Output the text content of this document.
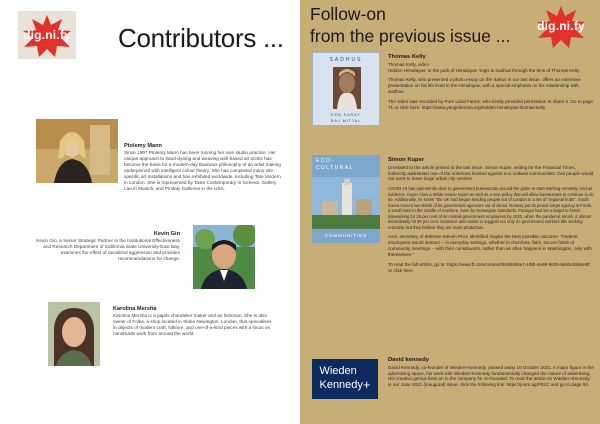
dig.ni.fy Contributors ...
Ptolemy Mann
Since 1997 Ptolemy Mann has been running her own studio practice. Her unique approach to hand-dyeing and weaving well-based art works has become the basis for a modern-day Bauhaus philosophy of an artist making underpinned with intelligent colour theory. She has completed many site specific art installations and has exhibited worldwide, including Tate Modern in London. She is represented by Taste Contemporary in Geneva, Gallery Lao in Munich, and Pindaly Galleries in the USA.
Kevin Gin
Kevin Gin, a Senior Strategic Partner in the Institutional Effectiveness and Research Department of California State University-East Bay, examines the effect of racialized aggression and provides recommendations for change.
Karolina Mersha
Karolina Mersha is a pajahi chandelier maker and an historian. She is also owner of Folka, a shop located in Stoke Newington, London, that specialises in objects of modern craft, folklore, and one-of-a-kind pieces with a focus on handmade work from around the world.
Follow-on
from the previous issue ... dig.ni.fy
SADHUS
KEN SARAY
RAJ MITTAL
ECO-
CULTURAL
COMMUNITIES
Wieden
Kennedy+
Thomas Kelly

Thomas Kelly, video

Hidden Himalayas: in the path of Himalayan Yogis & Sadhus through the lens of Thomas Kelly

Thomas Kelly, who presented a photo essay on the Sahus in our last issue, offers an extensive presentation on his life lived in the Himalayas, with a special emphasis on his relationship with Sadhus.

The video was recorded by Pure Land Farms, who kindly provided permission to share it. Go to page 71 or click here: https://www.yangchenma.org/hidden-himalayas-thomas-kelly

Simon Kuper

Unrelated to the article printed in the last issue, Simon Kuper, writing for the Financial Times, indirectly addressed one of the criticisms leveled against eco-cultural communities: that people would not want to leave large urban city centers.

COVID-19 has opened the door to government bureaucrats around the globe to start working remotely. And as evidence, Kuper cites a White House report as well as a new policy that will allow bureaucrats to continue to do so. Additionally, he notes "the UK had begun sending people out of London to a set of "regional hubs". South Korea moved two-thirds of its government agencies out of Seoul. Norway put its peace-corps agency in Forde, a small town in the middle of nowhere, even by Norwegian standards. Portugal had set a target to foster teleworking for 25 per cent of its central-government employees by 2023, when the pandemic struck, it almost immediately hit 90 per cent. Evidence also exists to suggest not only do government workers like working remotely, but they believe they are more productive.

Asst. secretary of defense Steven Price identified maybe the best possible outcome: "Federal employees would interact -- in everyday settings, whether in churches, fairs, soccer fields or community meetings -- with their constituents, rather than as often happens in Washington, only with themselves."

To read the full article, go to: https://www.ft.com/content/50d9466e7-1f8b-4e68-9625-8eb5c8b88e8f, or click here.

David kennedy

David Kennedy, co-founder of Wieden+Kennedy, passed away 10 October 2021. A major figure in the advertising space, his work with Wieden+Kennedy fundamentally changed the nature of advertising. His creative genius lives on in the company he co-founded. To read the article on Wieden+Kennedy in our June 2021 (inaugural) issue, click the following link: https://joom.ag/PEcC and go to page 50.
